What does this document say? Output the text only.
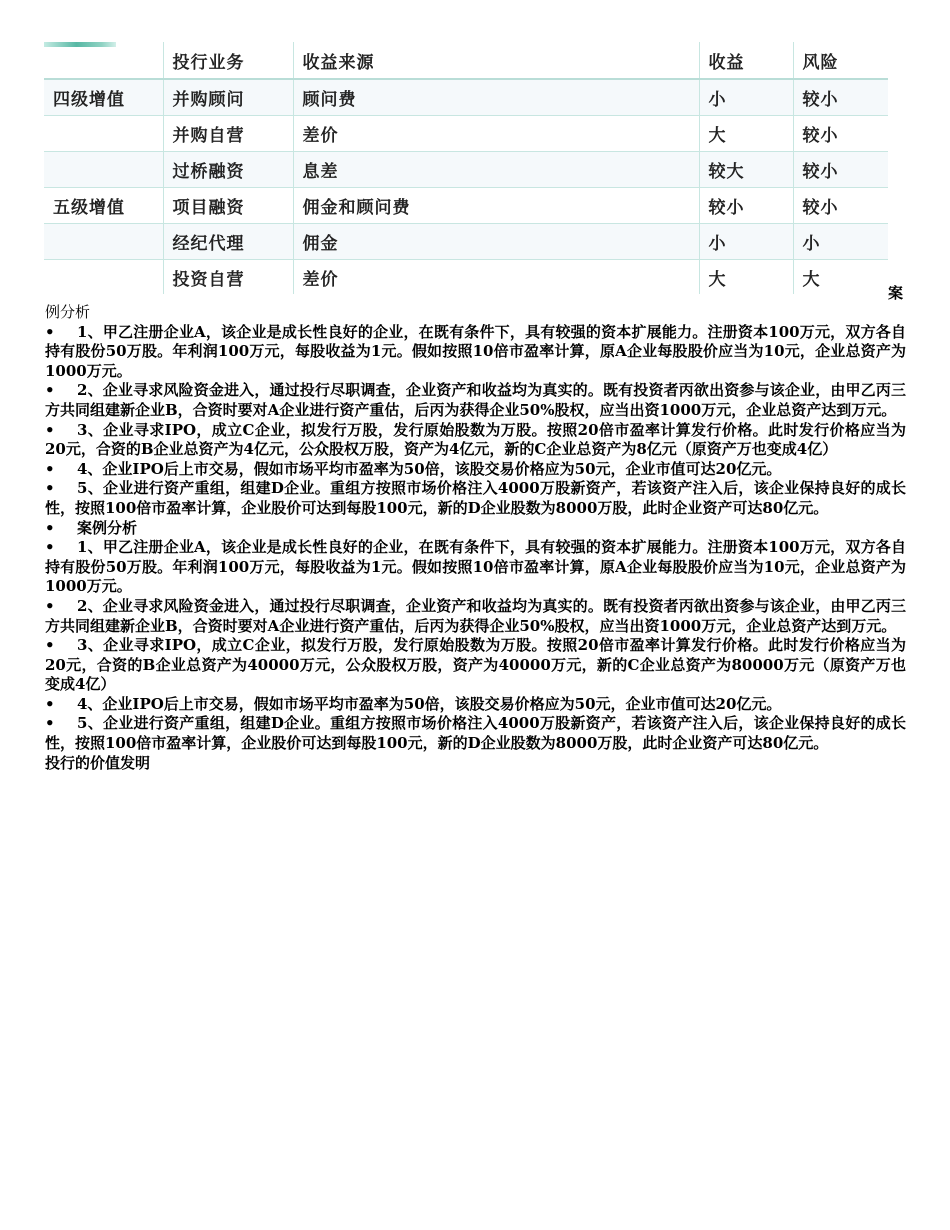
	投行业务	收益来源	收益	风险
四级增值	并购顾问	顾问费	小	较小
	并购自营	差价	大	较小
	过桥融资	息差	较大	较小
五级增值	项目融资	佣金和顾问费	较小	较小
	经纪代理	佣金	小	小
	投资自营	差价	大	大
案

例分析

• 1、甲乙注册企业A，该企业是成长性良好的企业，在既有条件下，具有较强的资本扩展能力。注册资本100万元，双方各自持有股份50万股。年利润100万元，每股收益为1元。假如按照10倍市盈率计算，原A企业每股股价应当为10元，企业总资产为1000万元。

• 2、企业寻求风险资金进入，通过投行尽职调查，企业资产和收益均为真实的。既有投资者丙欲出资参与该企业，由甲乙丙三方共同组建新企业B，合资时要对A企业进行资产重估，后丙为获得企业50%股权，应当出资1000万元，企业总资产达到万元。

• 3、企业寻求IPO，成立C企业，拟发行万股，发行原始股数为万股。按照20倍市盈率计算发行价格。此时发行价格应当为20元，合资的B企业总资产为4亿元，公众股权万股，资产为4亿元，新的C企业总资产为8亿元（原资产万也变成4亿）

• 4、企业IPO后上市交易，假如市场平均市盈率为50倍，该股交易价格应为50元，企业市值可达20亿元。

• 5、企业进行资产重组，组建D企业。重组方按照市场价格注入4000万股新资产，若该资产注入后，该企业保持良好的成长性，按照100倍市盈率计算，企业股价可达到每股100元，新的D企业股数为8000万股，此时企业资产可达80亿元。

• 案例分析

• 1、甲乙注册企业A，该企业是成长性良好的企业，在既有条件下，具有较强的资本扩展能力。注册资本100万元，双方各自持有股份50万股。年利润100万元，每股收益为1元。假如按照10倍市盈率计算，原A企业每股股价应当为10元，企业总资产为1000万元。

• 2、企业寻求风险资金进入，通过投行尽职调查，企业资产和收益均为真实的。既有投资者丙欲出资参与该企业，由甲乙丙三方共同组建新企业B，合资时要对A企业进行资产重估，后丙为获得企业50%股权，应当出资1000万元，企业总资产达到万元。

• 3、企业寻求IPO，成立C企业，拟发行万股，发行原始股数为万股。按照20倍市盈率计算发行价格。此时发行价格应当为20元，合资的B企业总资产为40000万元，公众股权万股，资产为40000万元，新的C企业总资产为80000万元（原资产万也变成4亿）

• 4、企业IPO后上市交易，假如市场平均市盈率为50倍，该股交易价格应为50元，企业市值可达20亿元。

• 5、企业进行资产重组，组建D企业。重组方按照市场价格注入4000万股新资产，若该资产注入后，该企业保持良好的成长性，按照100倍市盈率计算，企业股价可达到每股100元，新的D企业股数为8000万股，此时企业资产可达80亿元。

投行的价值发明
